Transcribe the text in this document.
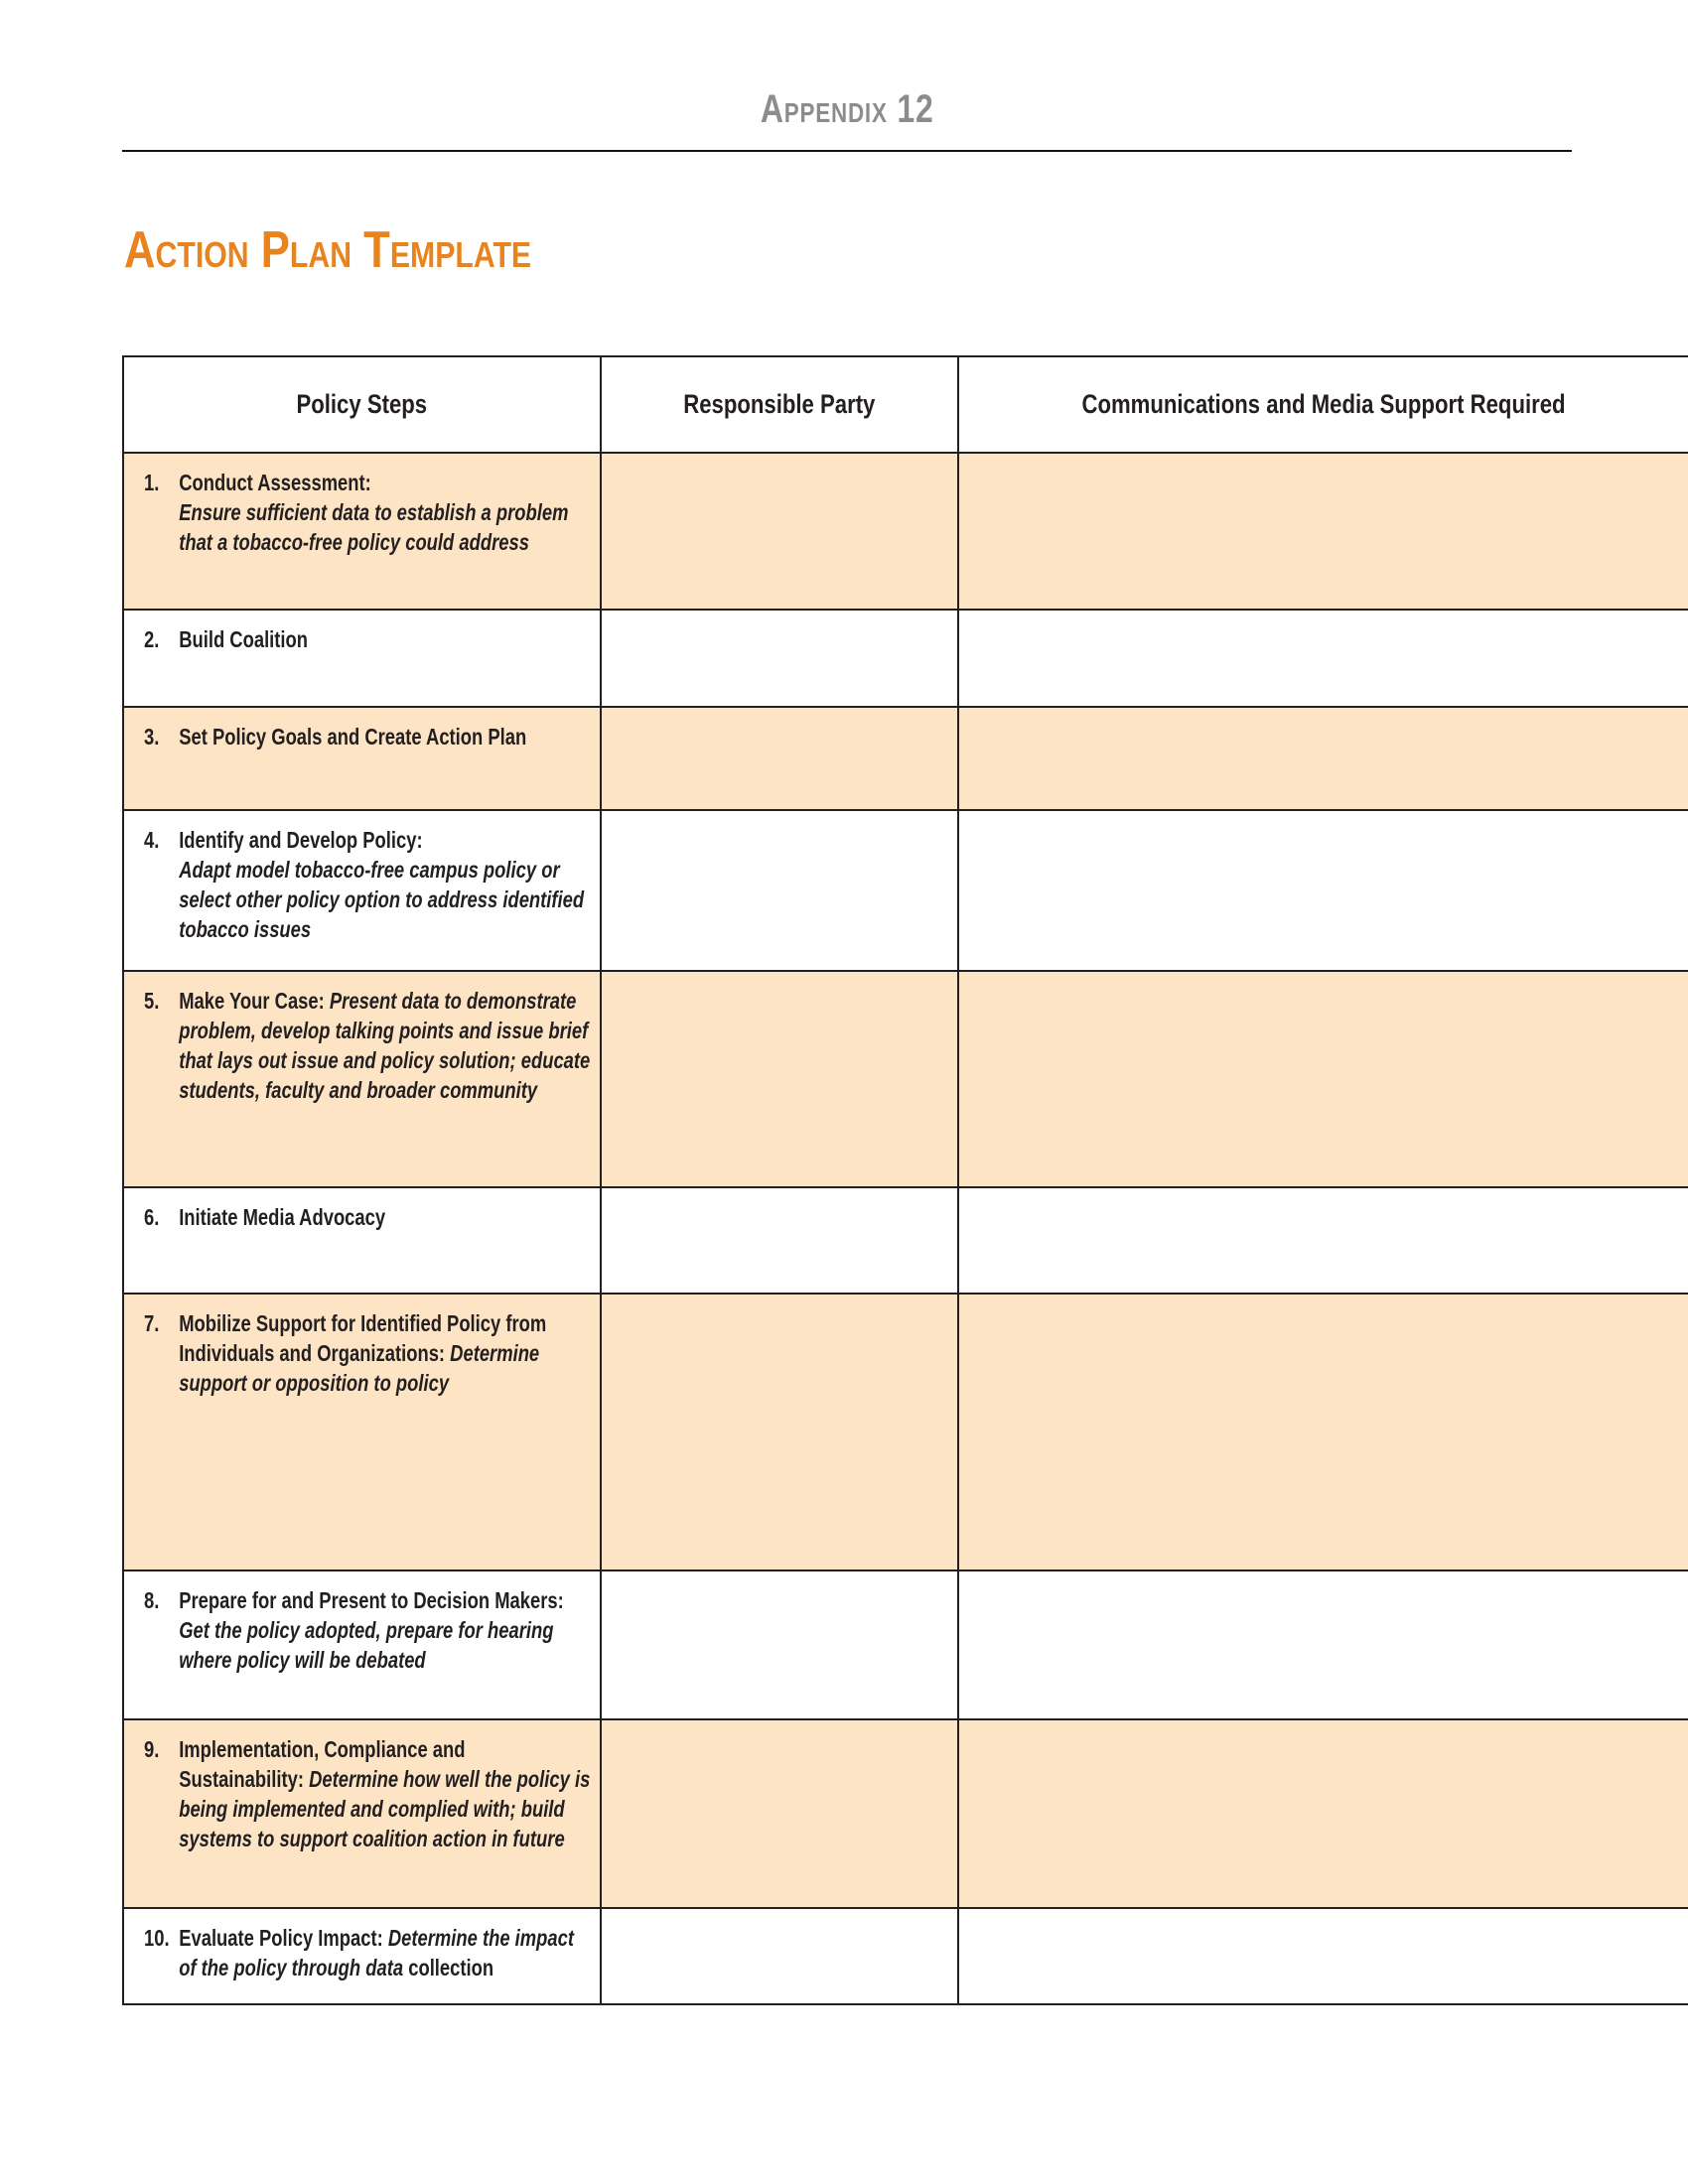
Appendix 12
Action Plan Template
Policy Steps	Responsible Party	Communications and Media Support Required

1. Conduct Assessment:
Ensure sufficient data to establish a problem that a tobacco-free policy could address		

2. Build Coalition		

3. Set Policy Goals and Create Action Plan		

4. Identify and Develop Policy:
Adapt model tobacco-free campus policy or select other policy option to address identified tobacco issues		

5. Make Your Case: Present data to demonstrate problem, develop talking points and issue brief that lays out issue and policy solution; educate students, faculty and broader community		

6. Initiate Media Advocacy		

7. Mobilize Support for Identified Policy from Individuals and Organizations: Determine support or opposition to policy		

8. Prepare for and Present to Decision Makers: Get the policy adopted, prepare for hearing where policy will be debated		

9. Implementation, Compliance and Sustainability: Determine how well the policy is being implemented and complied with; build systems to support coalition action in future		

10. Evaluate Policy Impact: Determine the impact of the policy through data collection		
